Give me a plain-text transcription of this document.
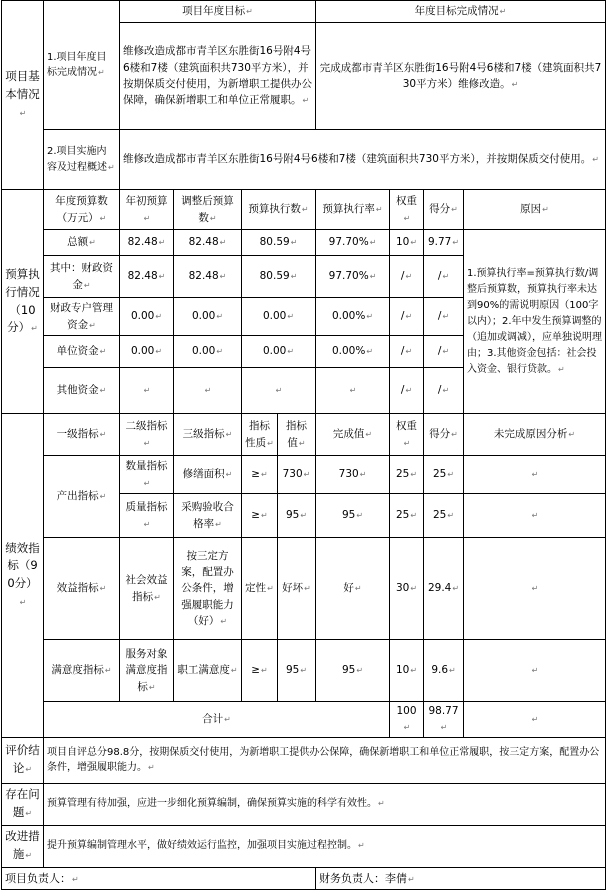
项目基本情况 ↵	1.项目年度目标完成情况 ↵	项目年度目标 ↵				年度目标完成情况 ↵
		维修改造成都市青羊区东胜街16号附4号6楼和7楼（建筑面积共730平方米），并按期保质交付使用，为新增职工提供办公保障，确保新增职工和单位正常履职。 ↵				完成成都市青羊区东胜街16号附4号6楼和7楼（建筑面积共730平方米）维修改造。 ↵
	2.项目实施内容及过程概述 ↵	维修改造成都市青羊区东胜街16号附4号6楼和7楼（建筑面积共730平方米），并按期保质交付使用。 ↵
预算执行情况（10分） ↵	年度预算数（万元） ↵	年初预算 ↵	调整后预算数 ↵	预算执行数 ↵		预算执行率 ↵	权重 ↵	得分 ↵	原因 ↵
	总额 ↵	82.48 ↵	82.48 ↵	80.59 ↵		97.70% ↵	10 ↵	9.77 ↵	1.预算执行率=预算执行数/调整后预算数，预算执行率未达到90%的需说明原因（100字以内）；2.年中发生预算调整的（追加或调减），应单独说明理由；3.其他资金包括：社会投入资金、银行贷款。 ↵
	其中：财政资金 ↵	82.48 ↵	82.48 ↵	80.59 ↵		97.70% ↵	/ ↵	/ ↵
	财政专户管理资金 ↵	0.00 ↵	0.00 ↵	0.00 ↵		0.00% ↵	/ ↵	/ ↵
	单位资金 ↵	0.00 ↵	0.00 ↵	0.00 ↵		0.00% ↵	/ ↵	/ ↵
	其他资金 ↵	↵	↵	↵	↵		/ ↵	/ ↵
绩效指标（90分） ↵	一级指标 ↵	二级指标 ↵	三级指标 ↵	指标性质 ↵	指标值 ↵	完成值 ↵	权重 ↵	得分 ↵	未完成原因分析 ↵
	产出指标 ↵	数量指标 ↵	修缮面积 ↵	≥ ↵	730 ↵	730 ↵	25 ↵	25 ↵	↵
		质量指标 ↵	采购验收合格率 ↵	≥ ↵	95 ↵	95 ↵	25 ↵	25 ↵	↵
	效益指标 ↵	社会效益指标 ↵	按三定方案，配置办公条件，增强履职能力（好） ↵	定性 ↵	好坏 ↵	好 ↵	30 ↵	29.4 ↵	↵
	满意度指标 ↵	服务对象满意度指标 ↵	职工满意度 ↵	≥ ↵	95 ↵	95 ↵	10 ↵	9.6 ↵	↵
	合计 ↵						100 ↵	98.77 ↵	↵

评价结论 ↵	项目自评总分98.8分，按期保质交付使用，为新增职工提供办公保障，确保新增职工和单位正常履职，按三定方案，配置办公条件，增强履职能力。 ↵
存在问题 ↵	预算管理有待加强，应进一步细化预算编制，确保预算实施的科学有效性。 ↵
改进措施 ↵	提升预算编制管理水平，做好绩效运行监控，加强项目实施过程控制。 ↵
项目负责人： ↵						财务负责人：李倩 ↵
